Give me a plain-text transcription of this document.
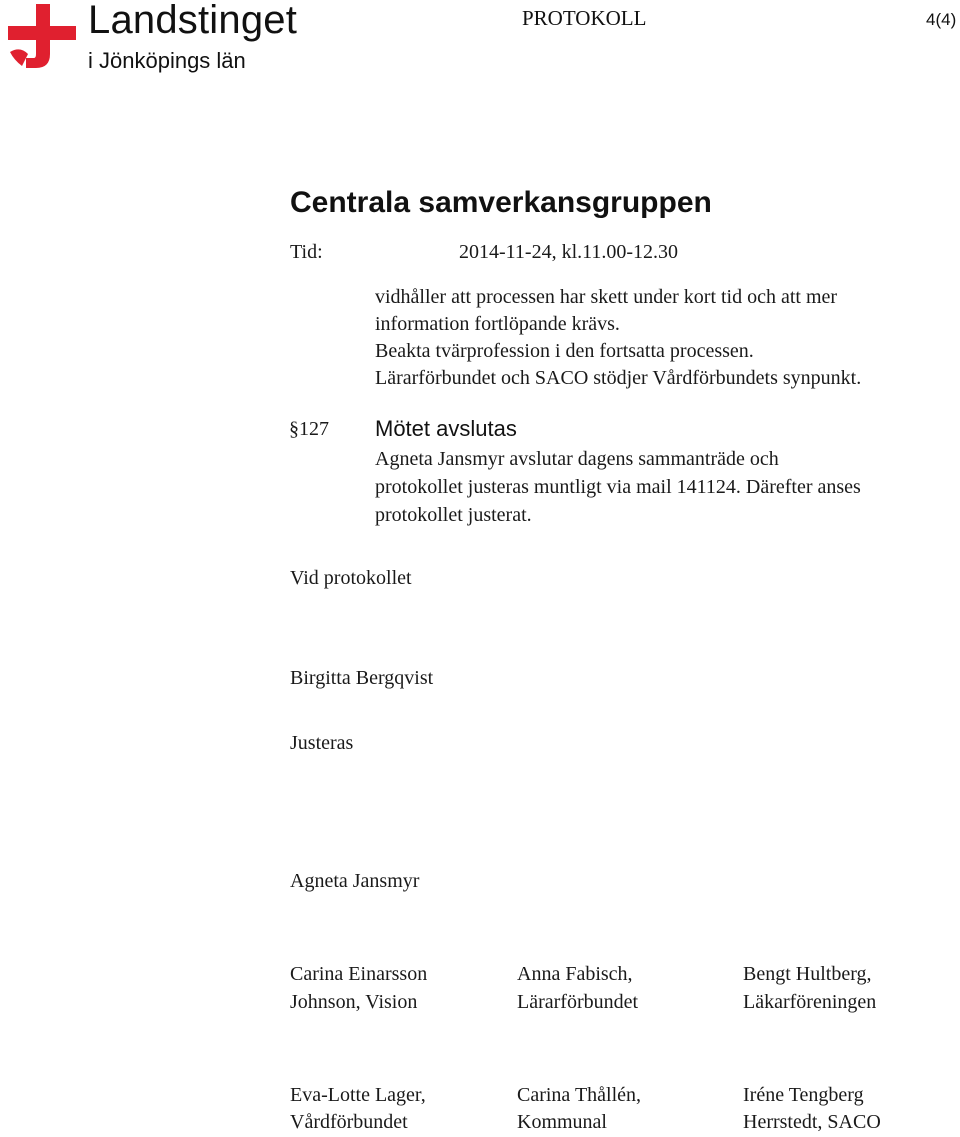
Landstinget
i Jönköpings län
PROTOKOLL	4(4)
Centrala samverkansgruppen
Tid:	2014-11-24, kl.11.00-12.30
vidhåller att processen har skett under kort tid och att mer
information fortlöpande krävs.
Beakta tvärprofession i den fortsatta processen.
Lärarförbundet och SACO stödjer Vårdförbundets synpunkt.
§127 Mötet avslutas
Agneta Jansmyr avslutar dagens sammanträde och
protokollet justeras muntligt via mail 141124. Därefter anses
protokollet justerat.
Vid protokollet
Birgitta Bergqvist
Justeras
Agneta Jansmyr
Carina Einarsson
Johnson, Vision
Anna Fabisch,
Lärarförbundet
Bengt Hultberg,
Läkarföreningen
Eva-Lotte Lager,
Vårdförbundet
Carina Thållén,
Kommunal
Iréne Tengberg
Herrstedt, SACO
